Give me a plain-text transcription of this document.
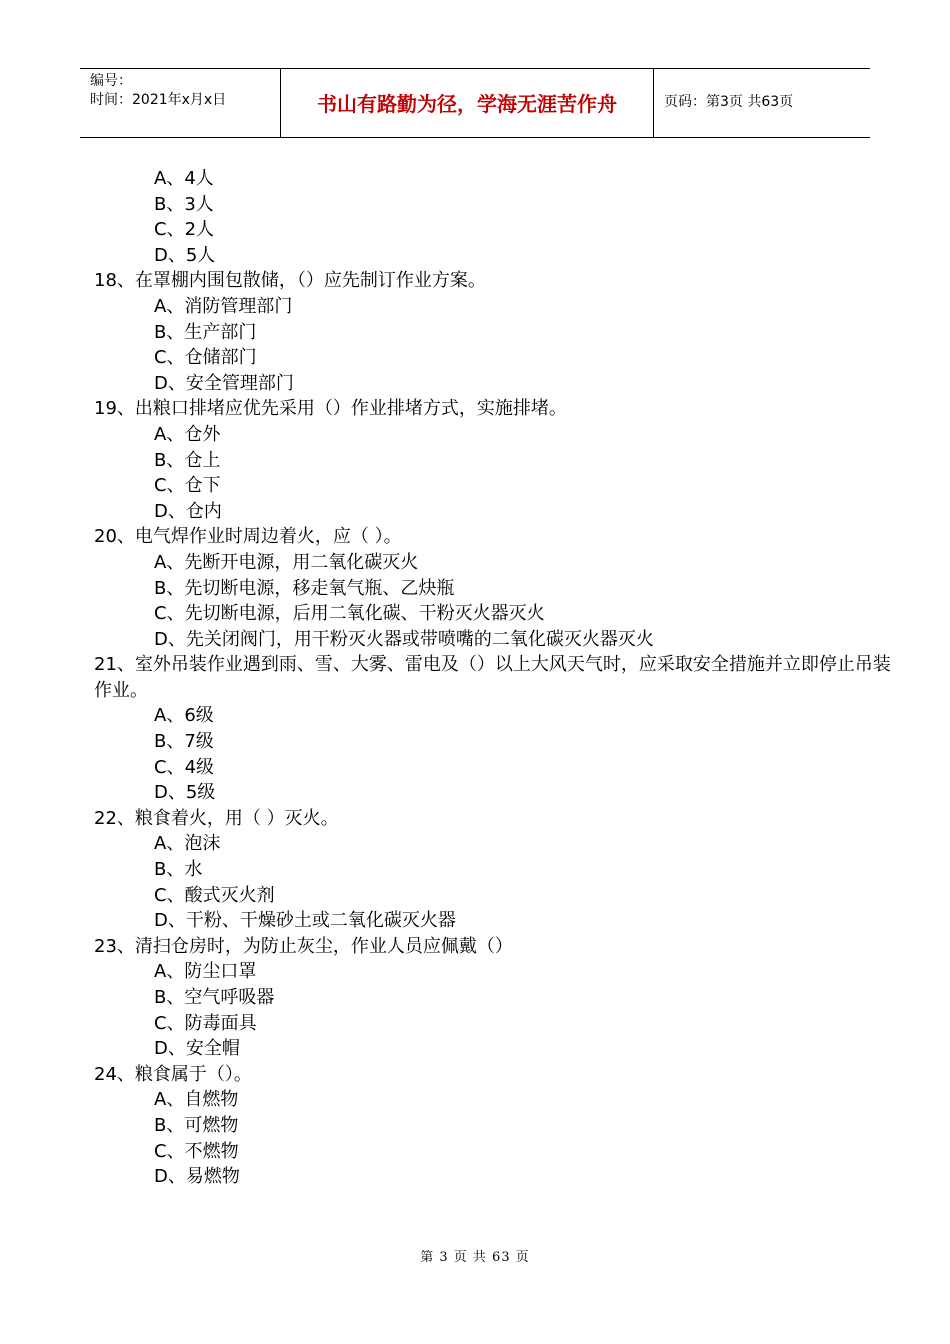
编号：
时间：2021年x月x日	书山有路勤为径，学海无涯苦作舟	页码：第3页 共63页
A、4人
B、3人
C、2人
D、5人
18、在罩棚内围包散储，（）应先制订作业方案。
A、消防管理部门
B、生产部门
C、仓储部门
D、安全管理部门
19、出粮口排堵应优先采用（）作业排堵方式，实施排堵。
A、仓外
B、仓上
C、仓下
D、仓内
20、电气焊作业时周边着火，应（ ）。
A、先断开电源，用二氧化碳灭火
B、先切断电源，移走氧气瓶、乙炔瓶
C、先切断电源，后用二氧化碳、干粉灭火器灭火
D、先关闭阀门，用干粉灭火器或带喷嘴的二氧化碳灭火器灭火
21、室外吊装作业遇到雨、雪、大雾、雷电及（）以上大风天气时，应采取安全措施并立即停止吊装作业。
A、6级
B、7级
C、4级
D、5级
22、粮食着火，用（ ）灭火。
A、泡沫
B、水
C、酸式灭火剂
D、干粉、干燥砂土或二氧化碳灭火器
23、清扫仓房时，为防止灰尘，作业人员应佩戴（）
A、防尘口罩
B、空气呼吸器
C、防毒面具
D、安全帽
24、粮食属于（）。
A、自燃物
B、可燃物
C、不燃物
D、易燃物
第 3 页 共 63 页
